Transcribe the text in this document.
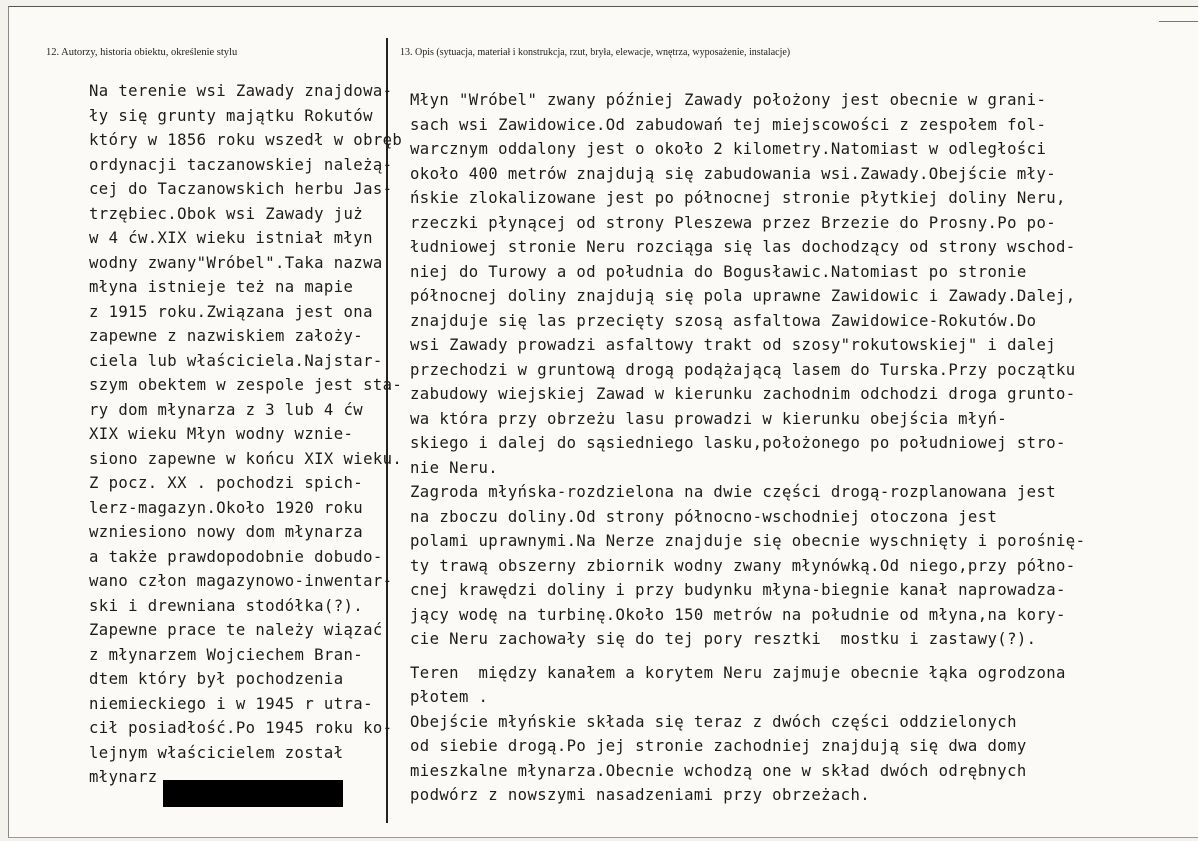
12. Autorzy, historia obiektu, określenie stylu	13. Opis (sytuacja, materiał i konstrukcja, rzut, bryła, elewacje, wnętrza, wyposażenie, instalacje)
Na terenie wsi Zawady znajdowa-
ły się grunty majątku Rokutów
który w 1856 roku wszedł w obręb
ordynacji taczanowskiej należą-
cej do Taczanowskich herbu Jas-
trzębiec.Obok wsi Zawady już
w 4 ćw.XIX wieku istniał młyn
wodny zwany"Wróbel".Taka nazwa
młyna istnieje też na mapie
z 1915 roku.Związana jest ona
zapewne z nazwiskiem założy-
ciela lub właściciela.Najstar-
szym obektem w zespole jest sta-
ry dom młynarza z 3 lub 4 ćw
XIX wieku Młyn wodny wznie-
siono zapewne w końcu XIX wieku.
Z pocz. XX . pochodzi spich-
lerz-magazyn.Około 1920 roku
wzniesiono nowy dom młynarza
a także prawdopodobnie dobudo-
wano człon magazynowo-inwentar-
ski i drewniana stodółka(?).
Zapewne prace te należy wiązać
z młynarzem Wojciechem Bran-
dtem który był pochodzenia
niemieckiego i w 1945 r utra-
cił posiadłość.Po 1945 roku ko-
lejnym właścicielem został
młynarz
Młyn "Wróbel" zwany później Zawady położony jest obecnie w grani-
sach wsi Zawidowice.Od zabudowań tej miejscowości z zespołem fol-
warcznym oddalony jest o około 2 kilometry.Natomiast w odległości
około 400 metrów znajdują się zabudowania wsi.Zawady.Obejście mły-
ńskie zlokalizowane jest po północnej stronie płytkiej doliny Neru,
rzeczki płynącej od strony Pleszewa przez Brzezie do Prosny.Po po-
łudniowej stronie Neru rozciąga się las dochodzący od strony wschod-
niej do Turowy a od południa do Bogusławic.Natomiast po stronie
północnej doliny znajdują się pola uprawne Zawidowic i Zawady.Dalej,
znajduje się las przecięty szosą asfaltowa Zawidowice-Rokutów.Do
wsi Zawady prowadzi asfaltowy trakt od szosy"rokutowskiej" i dalej
przechodzi w gruntową drogą podążającą lasem do Turska.Przy początku
zabudowy wiejskiej Zawad w kierunku zachodnim odchodzi droga grunto-
wa która przy obrzeżu lasu prowadzi w kierunku obejścia młyń-
skiego i dalej do sąsiedniego lasku,położonego po południowej stro-
nie Neru.
Zagroda młyńska-rozdzielona na dwie części drogą-rozplanowana jest
na zboczu doliny.Od strony północno-wschodniej otoczona jest
polami uprawnymi.Na Nerze znajduje się obecnie wyschnięty i porośnię-
ty trawą obszerny zbiornik wodny zwany młynówką.Od niego,przy półno-
cnej krawędzi doliny i przy budynku młyna-biegnie kanał naprowadza-
jący wodę na turbinę.Około 150 metrów na południe od młyna,na kory-
cie Neru zachowały się do tej pory resztki  mostku i zastawy(?).
Teren  między kanałem a korytem Neru zajmuje obecnie łąka ogrodzona
płotem .
Obejście młyńskie składa się teraz z dwóch części oddzielonych
od siebie drogą.Po jej stronie zachodniej znajdują się dwa domy
mieszkalne młynarza.Obecnie wchodzą one w skład dwóch odrębnych
podwórz z nowszymi nasadzeniami przy obrzeżach.
